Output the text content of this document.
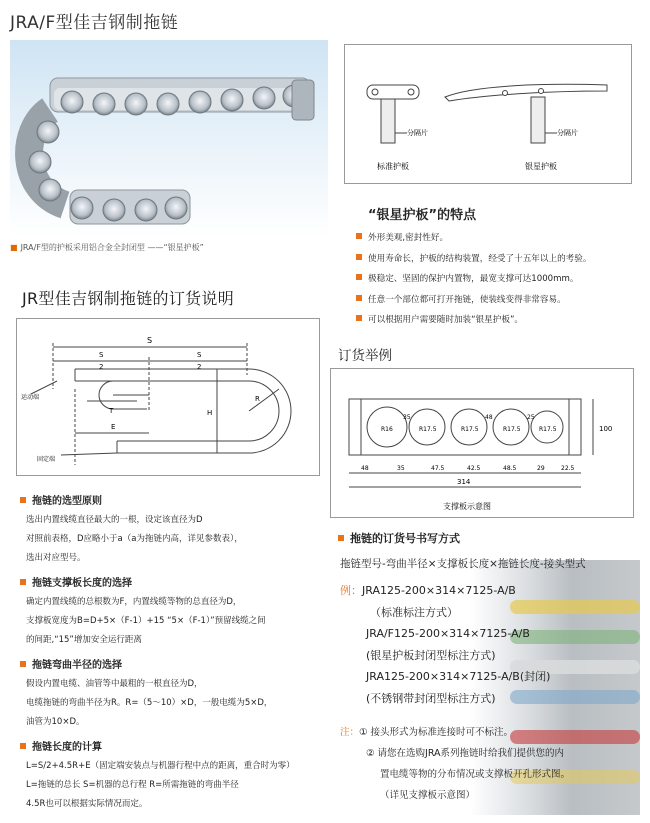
JRA/F型佳吉钢制拖链
■ JRA/F型的护板采用铝合金全封闭型 ——“银星护板”
分隔片
标准护板
分隔片
银星护板
“银星护板”的特点
外形美观,密封性好。
使用寿命长，护板的结构装置，经受了十五年以上的考验。
极稳定、坚固的保护内置物，最宽支撑可达1000mm。
任意一个部位都可打开拖链，使装线变得非常容易。
可以根据用户需要随时加装“银星护板”。
JR型佳吉钢制拖链的订货说明
S
S
2
S
2
T
E
H
R
运动端
固定端
订货举例
100
R16	R17.5	R17.5	R17.5	R17.5
35	48	25
48	35	47.5	42.5	48.5	29	22.5
314
支撑板示意图
拖链的选型原则
选出内置线缆直径最大的一根，设定该直径为D
对照前表格，D应略小于a（a为拖链内高，详见参数表），
选出对应型号。
拖链支撑板长度的选择
确定内置线缆的总根数为F，内置线缆等物的总直径为D，
支撑板宽度为B=D+5×（F-1）+15 “5×（F-1）”预留线缆之间
的间距,“15”增加安全运行距离
拖链弯曲半径的选择
假设内置电缆、油管等中最粗的一根直径为D，
电缆拖链的弯曲半径为R。R=（5～10）×D，一般电缆为5×D，
油管为10×D。
拖链长度的计算
L=S/2+4.5R+E（固定端安装点与机器行程中点的距离，重合时为零）
L=拖链的总长 S=机器的总行程 R=所需拖链的弯曲半径
4.5R也可以根据实际情况而定。
拖链的订货号书写方式
拖链型号-弯曲半径×支撑板长度×拖链长度-接头型式
例：JRA125-200×314×7125-A/B
（标准标注方式）
JRA/F125-200×314×7125-A/B
(银星护板封闭型标注方式)
JRA125-200×314×7125-A/B(封闭)
(不锈钢带封闭型标注方式)
注：① 接头形式为标准连接时可不标注。
② 请您在选购JRA系列拖链时给我们提供您的内
置电缆等物的分布情况或支撑板开孔形式图。
（详见支撑板示意图）
